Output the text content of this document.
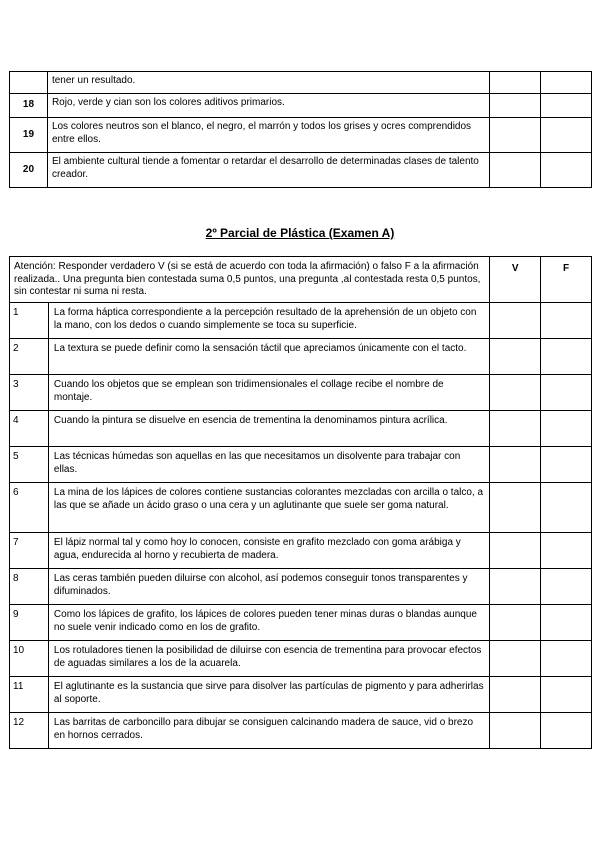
	tener un resultado.		
18	Rojo, verde y cian son los colores aditivos primarios.		
19	Los colores neutros son el blanco, el negro, el marrón y todos los grises y ocres comprendidos entre ellos.		
20	El ambiente cultural tiende a fomentar o retardar el desarrollo de determinadas clases de talento creador.		
2º Parcial de Plástica (Examen A)
Atención: Responder verdadero V (si se está de acuerdo con toda la afirmación) o falso F a la afirmación realizada.. Una pregunta bien contestada suma 0,5 puntos, una pregunta ,al contestada resta 0,5 puntos, sin contestar ni suma ni resta.		V	F
1	La forma háptica correspondiente a la percepción resultado de la aprehensión de un objeto con la mano, con los dedos o cuando simplemente se toca su superficie.		
2	La textura se puede definir como la sensación táctil que apreciamos únicamente con el tacto.		
3	Cuando los objetos que se emplean son tridimensionales el collage recibe el nombre de montaje.		
4	Cuando la pintura se disuelve en esencia de trementina la denominamos pintura acrílica.		
5	Las técnicas húmedas son aquellas en las que necesitamos un disolvente para trabajar con ellas.		
6	La mina de los lápices de colores contiene sustancias colorantes mezcladas con arcilla o talco, a las que se añade un ácido graso o una cera y un aglutinante que suele ser goma natural.		
7	El lápiz normal tal y como hoy lo conocen, consiste en grafito mezclado con goma arábiga y agua, endurecida al horno y recubierta de madera.		
8	Las ceras también pueden diluirse con alcohol, así podemos conseguir tonos transparentes y difuminados.		
9	Como los lápices de grafito, los lápices de colores pueden tener minas duras o blandas aunque no suele venir indicado como en los de grafito.		
10	Los rotuladores tienen la posibilidad de diluirse con esencia de trementina para provocar efectos de aguadas similares a los de la acuarela.		
11	El aglutinante es la sustancia que sirve para disolver las partículas de pigmento y para adherirlas al soporte.		
12	Las barritas de carboncillo para dibujar se consiguen calcinando madera de sauce, vid o brezo en hornos cerrados.		
